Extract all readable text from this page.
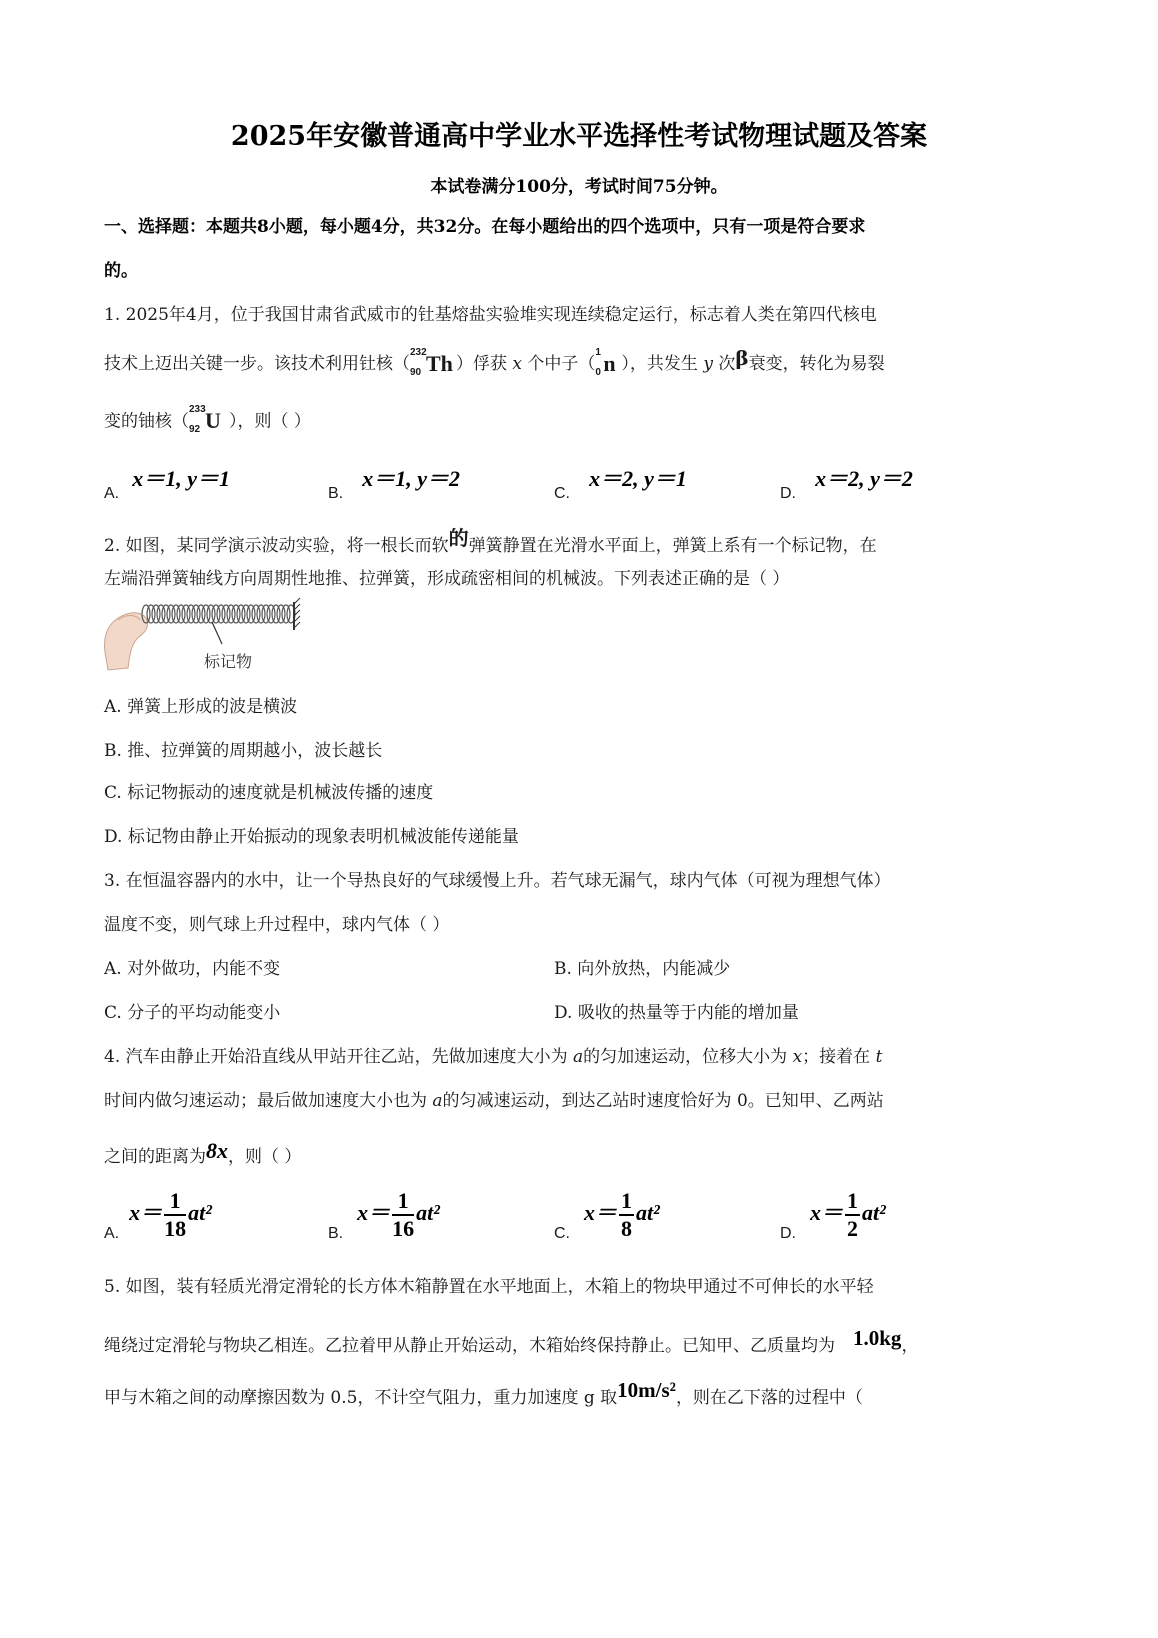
2025年安徽普通高中学业水平选择性考试物理试题及答案
本试卷满分100分，考试时间75分钟。
一、选择题：本题共8小题，每小题4分，共32分。在每小题给出的四个选项中，只有一项是符合要求
的。
1. 2025年4月，位于我国甘肃省武威市的钍基熔盐实验堆实现连续稳定运行，标志着人类在第四代核电
技术上迈出关键一步。该技术利用钍核（
232
90 Th ）俘获 x 个中子（
1
0 n ），共发生 y 次β衰变，转化为易裂
变的铀核（
233
92 U ），则（ ）
A. x＝1, y＝1
B. x＝1, y＝2
C. x＝2, y＝1
D. x＝2, y＝2
2. 如图，某同学演示波动实验，将一根长而软的弹簧静置在光滑水平面上，弹簧上系有一个标记物，在
左端沿弹簧轴线方向周期性地推、拉弹簧，形成疏密相间的机械波。下列表述正确的是（ ）
标记物
A. 弹簧上形成的波是横波
B. 推、拉弹簧的周期越小，波长越长
C. 标记物振动的速度就是机械波传播的速度
D. 标记物由静止开始振动的现象表明机械波能传递能量
3. 在恒温容器内的水中，让一个导热良好的气球缓慢上升。若气球无漏气，球内气体（可视为理想气体）
温度不变，则气球上升过程中，球内气体（ ）
A. 对外做功，内能不变	B. 向外放热，内能减少
C. 分子的平均动能变小	D. 吸收的热量等于内能的增加量
4. 汽车由静止开始沿直线从甲站开往乙站，先做加速度大小为 a的匀加速运动，位移大小为 x；接着在 t
时间内做匀速运动；最后做加速度大小也为 a的匀减速运动，到达乙站时速度恰好为 0。已知甲、乙两站
之间的距离为8x，则（ ）
$A.x= \frac{1}{18} at^2$
$B.x= \frac{1}{16} at^2$
$C.x= \frac{1}{8} at^2$
$D.x= \frac{1}{2} at^2$
5. 如图，装有轻质光滑定滑轮的长方体木箱静置在水平地面上，木箱上的物块甲通过不可伸长的水平轻
绳绕过定滑轮与物块乙相连。乙拉着甲从静止开始运动，木箱始终保持静止。已知甲、乙质量均为 1.0kg，
甲与木箱之间的动摩擦因数为 0.5，不计空气阻力，重力加速度 g 取10m/s²，则在乙下落的过程中（
